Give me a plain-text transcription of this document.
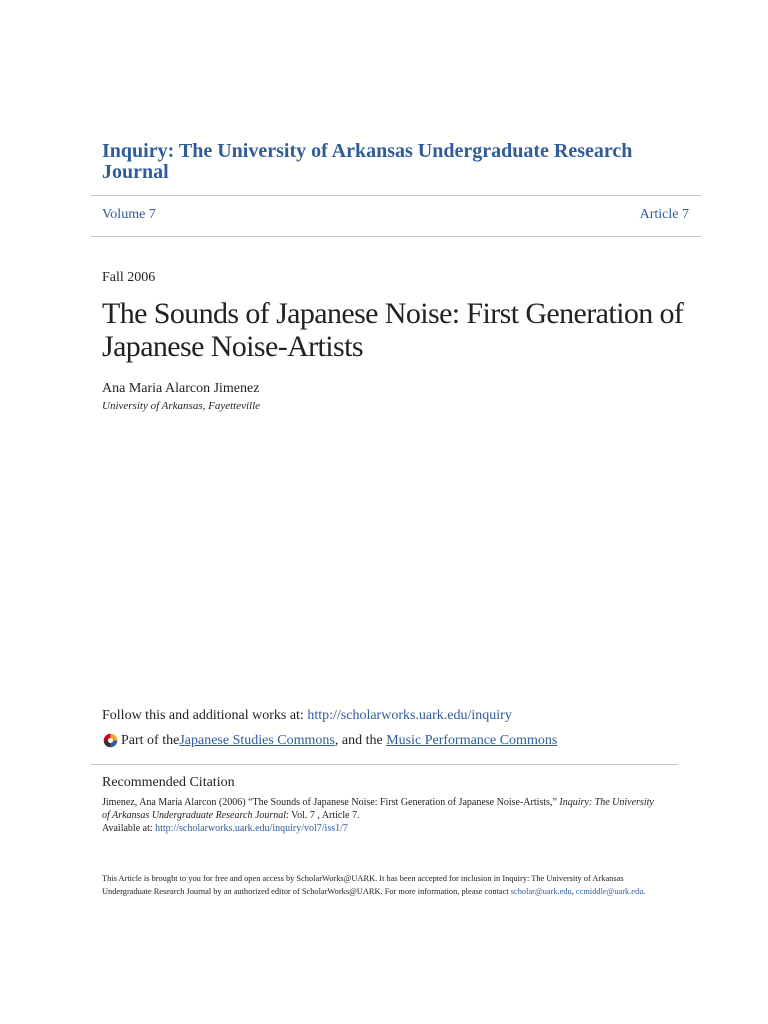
Inquiry: The University of Arkansas Undergraduate Research Journal
Volume 7	Article 7
Fall 2006
The Sounds of Japanese Noise: First Generation of Japanese Noise-Artists
Ana Maria Alarcon Jimenez
University of Arkansas, Fayetteville
Follow this and additional works at: http://scholarworks.uark.edu/inquiry
Part of the Japanese Studies Commons , and the Music Performance Commons
Recommended Citation
Jimenez, Ana Maria Alarcon (2006) “The Sounds of Japanese Noise: First Generation of Japanese Noise-Artists,” Inquiry: The University of Arkansas Undergraduate Research Journal: Vol. 7 , Article 7.
Available at: http://scholarworks.uark.edu/inquiry/vol7/iss1/7
This Article is brought to you for free and open access by ScholarWorks@UARK. It has been accepted for inclusion in Inquiry: The University of Arkansas Undergraduate Research Journal by an authorized editor of ScholarWorks@UARK. For more information, please contact scholar@uark.edu, ccmiddle@uark.edu.
